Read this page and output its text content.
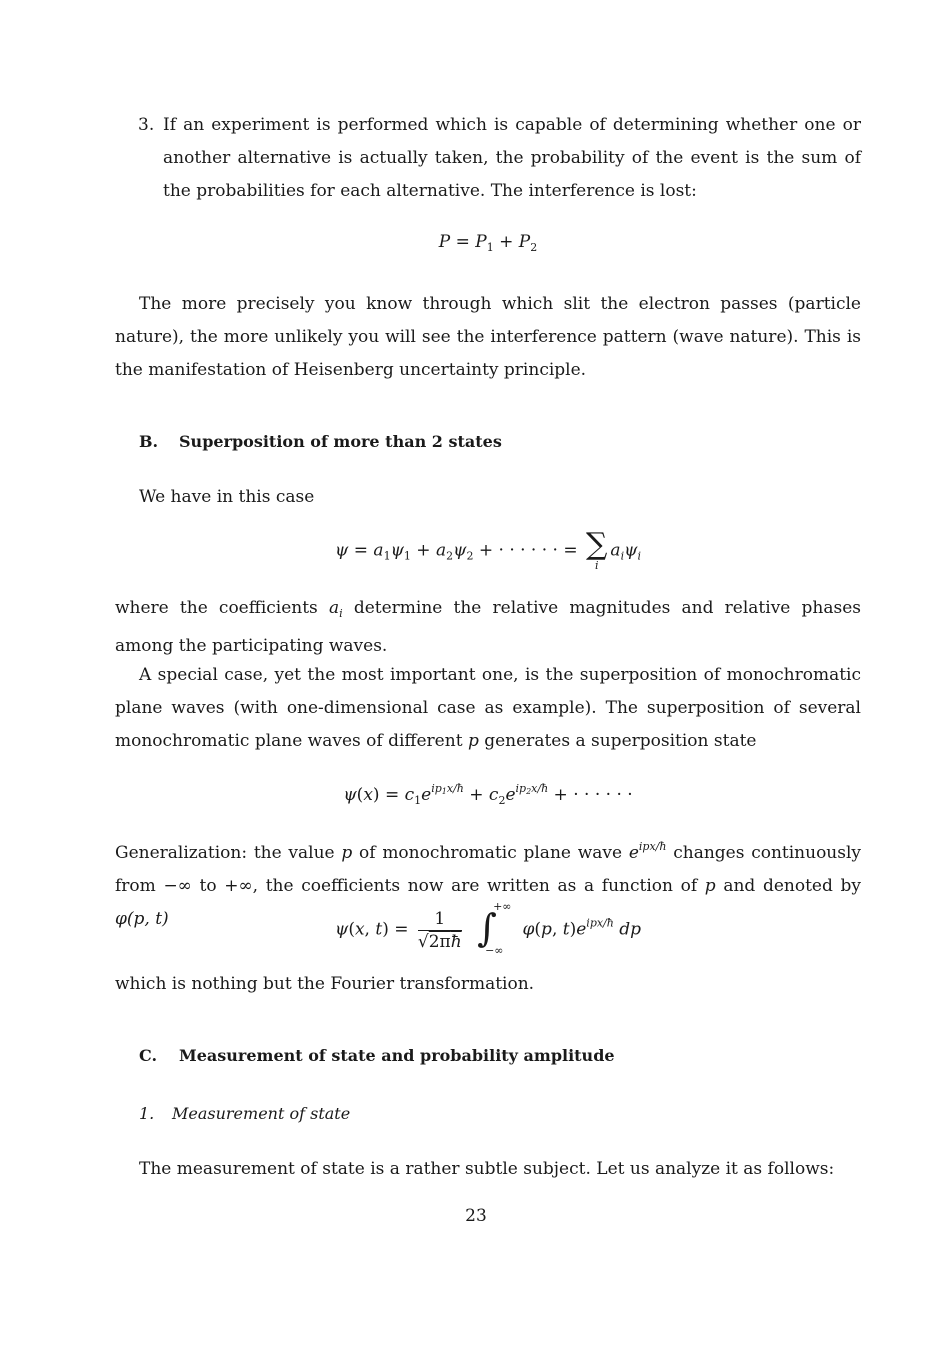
3. If an experiment is performed which is capable of determining whether one or another alternative is actually taken, the probability of the event is the sum of the probabilities for each alternative. The interference is lost:
$P = P_1 + P_2$
The more precisely you know through which slit the electron passes (particle nature), the more unlikely you will see the interference pattern (wave nature). This is the manifestation of Heisenberg uncertainty principle.
B. Superposition of more than 2 states
We have in this case
$\psi = a_1\psi_1 + a_2\psi_2$ + · · · · · · = ∑
i
$a_i\psi_i$
where the coefficients $a_i$ determine the relative magnitudes and relative phases among the participating waves.
A special case, yet the most important one, is the superposition of monochromatic plane waves (with one-dimensional case as example). The superposition of several monochromatic plane waves of different p generates a superposition state
$\psi(x) = c_1e^{ip_1x/ħ} + c_2e^{ip_2x/ħ}$ + · · · · · ·
Generalization: the value p of monochromatic plane wave $e^{ipx/ħ}$ changes continuously from −∞ to +∞, the coefficients now are written as a function of p and denoted by φ(p, t)
ψ(x, $t) = \frac{1}{√2\pi ħ}$
∫
+∞
−∞
φ(p, $t)e^{ipx/ħ}$ dp
which is nothing but the Fourier transformation.
C. Measurement of state and probability amplitude
1. Measurement of state
The measurement of state is a rather subtle subject. Let us analyze it as follows:
23
